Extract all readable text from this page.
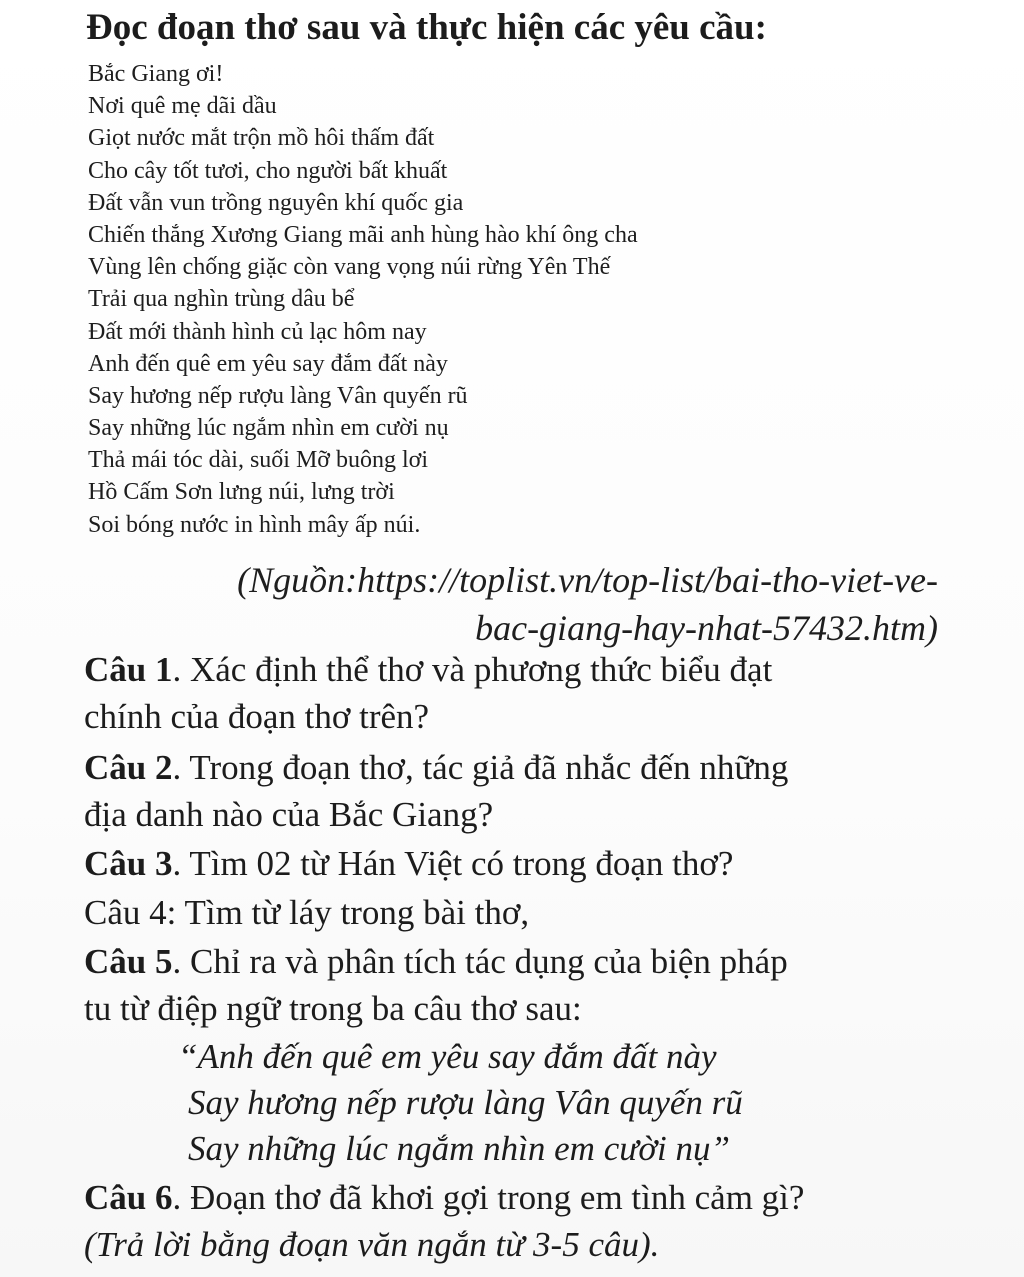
Đọc đoạn thơ sau và thực hiện các yêu cầu:
Bắc Giang ơi!
Nơi quê mẹ dãi dầu
Giọt nước mắt trộn mồ hôi thấm đất
Cho cây tốt tươi, cho người bất khuất
Đất vẫn vun trồng nguyên khí quốc gia
Chiến thắng Xương Giang mãi anh hùng hào khí ông cha
Vùng lên chống giặc còn vang vọng núi rừng Yên Thế
Trải qua nghìn trùng dâu bể
Đất mới thành hình củ lạc hôm nay
Anh đến quê em yêu say đắm đất này
Say hương nếp rượu làng Vân quyến rũ
Say những lúc ngắm nhìn em cười nụ
Thả mái tóc dài, suối Mỡ buông lơi
Hồ Cấm Sơn lưng núi, lưng trời
Soi bóng nước in hình mây ấp núi.
(Nguồn:https://toplist.vn/top-list/bai-tho-viet-ve-
bac-giang-hay-nhat-57432.htm)
Câu 1. Xác định thể thơ và phương thức biểu đạt
chính của đoạn thơ trên?
Câu 2. Trong đoạn thơ, tác giả đã nhắc đến những
địa danh nào của Bắc Giang?
Câu 3. Tìm 02 từ Hán Việt có trong đoạn thơ?
Câu 4: Tìm từ láy trong bài thơ,
Câu 5. Chỉ ra và phân tích tác dụng của biện pháp
tu từ điệp ngữ trong ba câu thơ sau:
“Anh đến quê em yêu say đắm đất này
Say hương nếp rượu làng Vân quyến rũ
Say những lúc ngắm nhìn em cười nụ”
Câu 6. Đoạn thơ đã khơi gợi trong em tình cảm gì?
(Trả lời bằng đoạn văn ngắn từ 3-5 câu).
